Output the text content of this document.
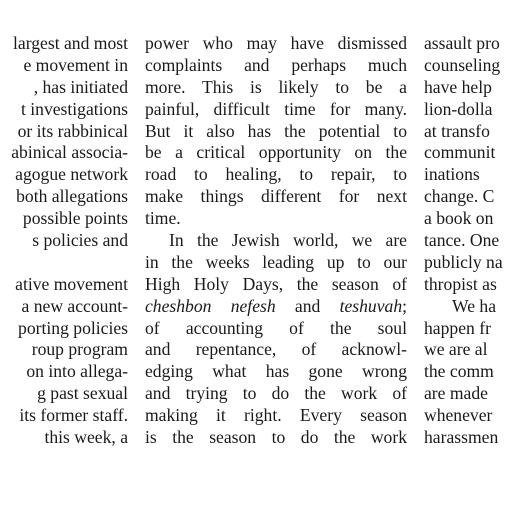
largest and most
e movement in
, has initiated
t investigations
or its rabbinical
abinical associa-
agogue network
both allegations
possible points
s policies and
ative movement
a new account-
porting policies
roup program
on into allega-
g past sexual
its former staff.
this week, a

power who may have dismissed
complaints and perhaps much
more. This is likely to be a
painful, difficult time for many.
But it also has the potential to
be a critical opportunity on the
road to healing, to repair, to
make things different for next
time.

In the Jewish world, we are
in the weeks leading up to our
High Holy Days, the season of
cheshbon nefesh and teshuvah;
of accounting of the soul
and repentance, of acknowl-
edging what has gone wrong
and trying to do the work of
making it right. Every season
is the season to do the work

assault pro
counseling
have help
lion-dolla
at transfo
communit
inations
change. C
a book on
tance. One
publicly na
thropist as
We ha
happen fr
we are al
the comm
are made
whenever
harassmen
